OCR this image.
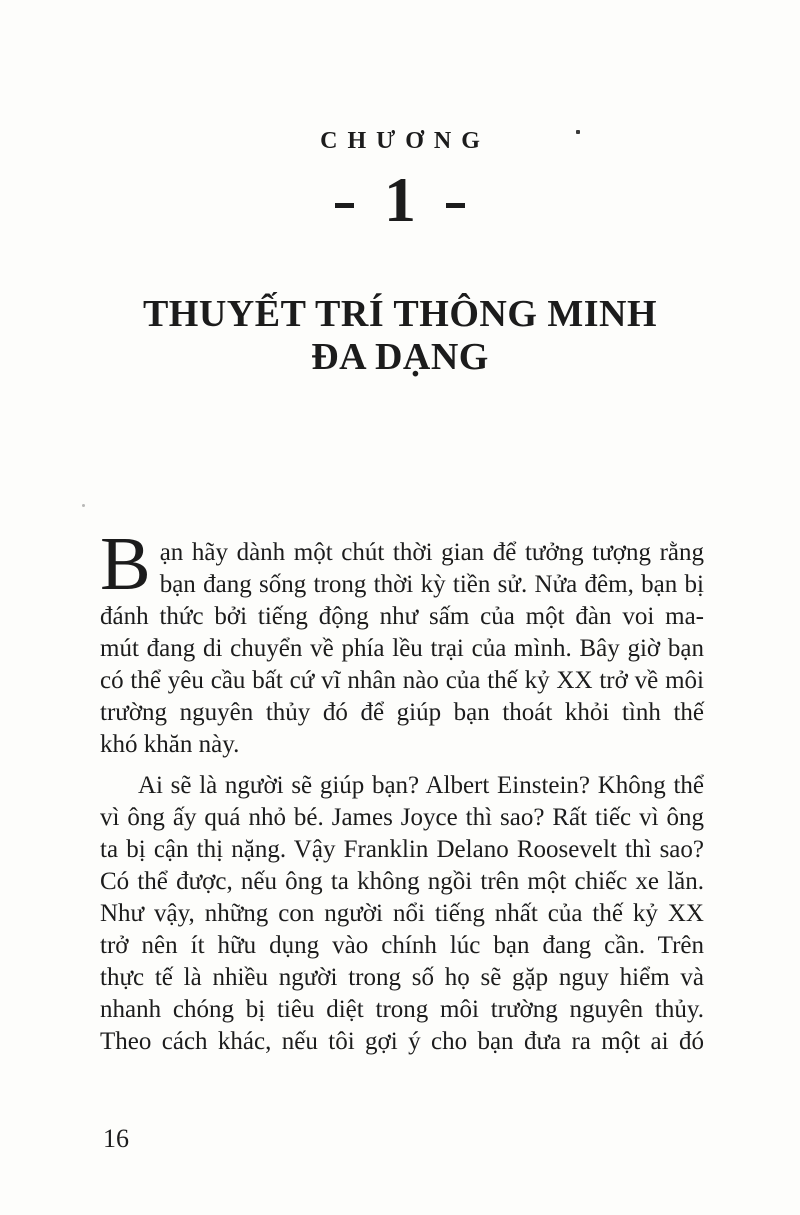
CHƯƠNG
1
THUYẾT TRÍ THÔNG MINH
ĐA DẠNG
B ạn hãy dành một chút thời gian để tưởng tượng rằng
bạn đang sống trong thời kỳ tiền sử. Nửa đêm, bạn bị
đánh thức bởi tiếng động như sấm của một đàn voi ma-
mút đang di chuyển về phía lều trại của mình. Bây giờ bạn
có thể yêu cầu bất cứ vĩ nhân nào của thế kỷ XX trở về môi
trường nguyên thủy đó để giúp bạn thoát khỏi tình thế
khó khăn này.
Ai sẽ là người sẽ giúp bạn? Albert Einstein? Không thể
vì ông ấy quá nhỏ bé. James Joyce thì sao? Rất tiếc vì ông
ta bị cận thị nặng. Vậy Franklin Delano Roosevelt thì sao?
Có thể được, nếu ông ta không ngồi trên một chiếc xe lăn.
Như vậy, những con người nổi tiếng nhất của thế kỷ XX
trở nên ít hữu dụng vào chính lúc bạn đang cần. Trên
thực tế là nhiều người trong số họ sẽ gặp nguy hiểm và
nhanh chóng bị tiêu diệt trong môi trường nguyên thủy.
Theo cách khác, nếu tôi gợi ý cho bạn đưa ra một ai đó
16
